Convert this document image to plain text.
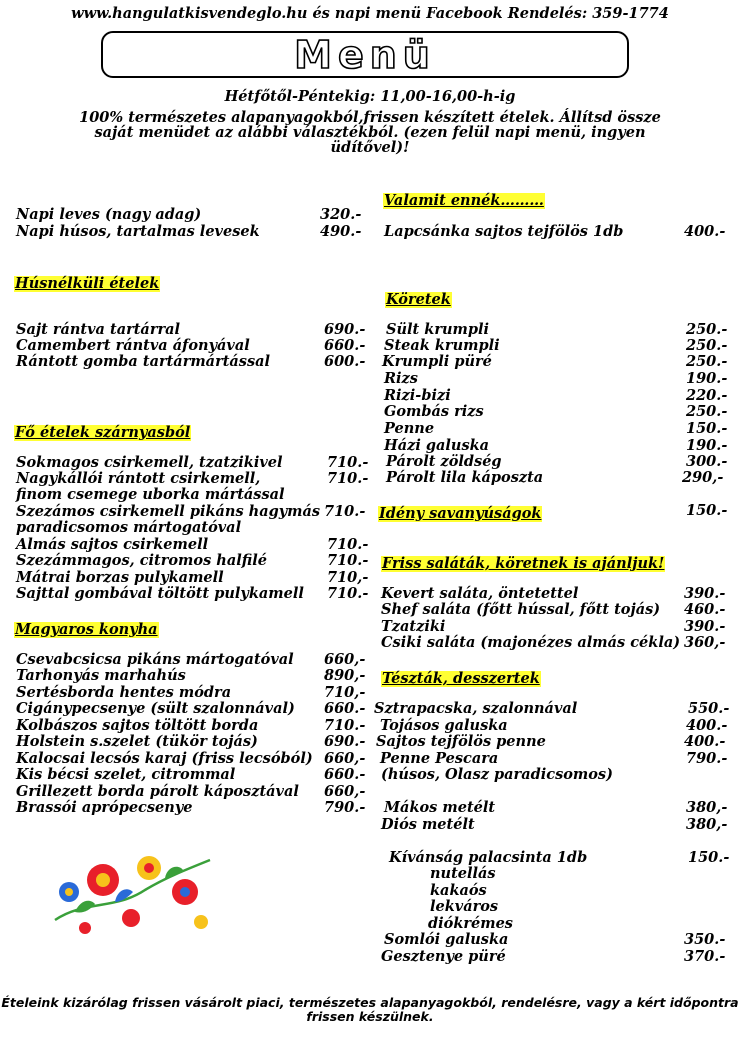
www.hangulatkisvendeglo.hu és napi menü Facebook Rendelés: 359-1774
Menü
Hétfőtől-Péntekig: 11,00-16,00-h-ig
100% természetes alapanyagokból,frissen készített ételek. Állítsd össze saját menüdet az alábbi választékból. (ezen felül napi menü, ingyen üdítővel)!
Napi leves (nagy adag)	320.-
Napi húsos, tartalmas levesek	490.-
Húsnélküli ételek
Sajt rántva tartárral	690.-
Camembert rántva áfonyával	660.-
Rántott gomba tartármártással	600.-
Fő ételek szárnyasból
Sokmagos csirkemell, tzatzikivel	710.-
Nagykállói rántott csirkemell,	710.-
finom csemege uborka mártással
Szezámos csirkemell pikáns hagymás 710.-
paradicsomos mártogatóval
Almás sajtos csirkemell	710.-
Szezámmagos, citromos halfilé	710.-
Mátrai borzas pulykamell	710,-
Sajttal gombával töltött pulykamell 710.-
Magyaros konyha
Csevabcsicsa pikáns mártogatóval 660,-
Tarhonyás marhahús	890,-
Sertésborda hentes módra	710,-
Cigánypecsenye (sült szalonnával) 660.-
Kolbászos sajtos töltött borda	710.-
Holstein s.szelet (tükör tojás)	690.-
Kalocsai lecsós karaj (friss lecsóból) 660,-
Kis bécsi szelet, citrommal	660.-
Grillezett borda párolt káposztával 660,-
Brassói aprópecsenye	790.-
Valamit ennék………
Lapcsánka sajtos tejfölös 1db	400.-
Köretek
Sült krumpli	250.-
Steak krumpli	250.-
Krumpli püré	250.-
Rizs	190.-
Rizi-bizi	220.-
Gombás rizs	250.-
Penne	150.-
Házi galuska	190.-
Párolt zöldség	300.-
Párolt lila káposzta	290,-
Idény savanyúságok	150.-
Friss saláták, köretnek is ajánljuk!
Kevert saláta, öntetettel	390.-
Shef saláta (főtt hússal, főtt tojás) 460.-
Tzatziki	390.-
Csiki saláta (majonézes almás cékla) 360,-
Tészták, desszertek
Sztrapacska, szalonnával	550.-
Tojásos galuska	400.-
Sajtos tejfölös penne	400.-
Penne Pescara	790.-
(húsos, Olasz paradicsomos)
Mákos metélt	380,-
Diós metélt	380,-
Kívánság palacsinta 1db	150.-
nutellás
kakaós
lekváros
diókrémes
Somlói galuska	350.-
Gesztenye püré	370.-
Ételeink kizárólag frissen vásárolt piaci, természetes alapanyagokból, rendelésre, vagy a kért időpontra frissen készülnek.
